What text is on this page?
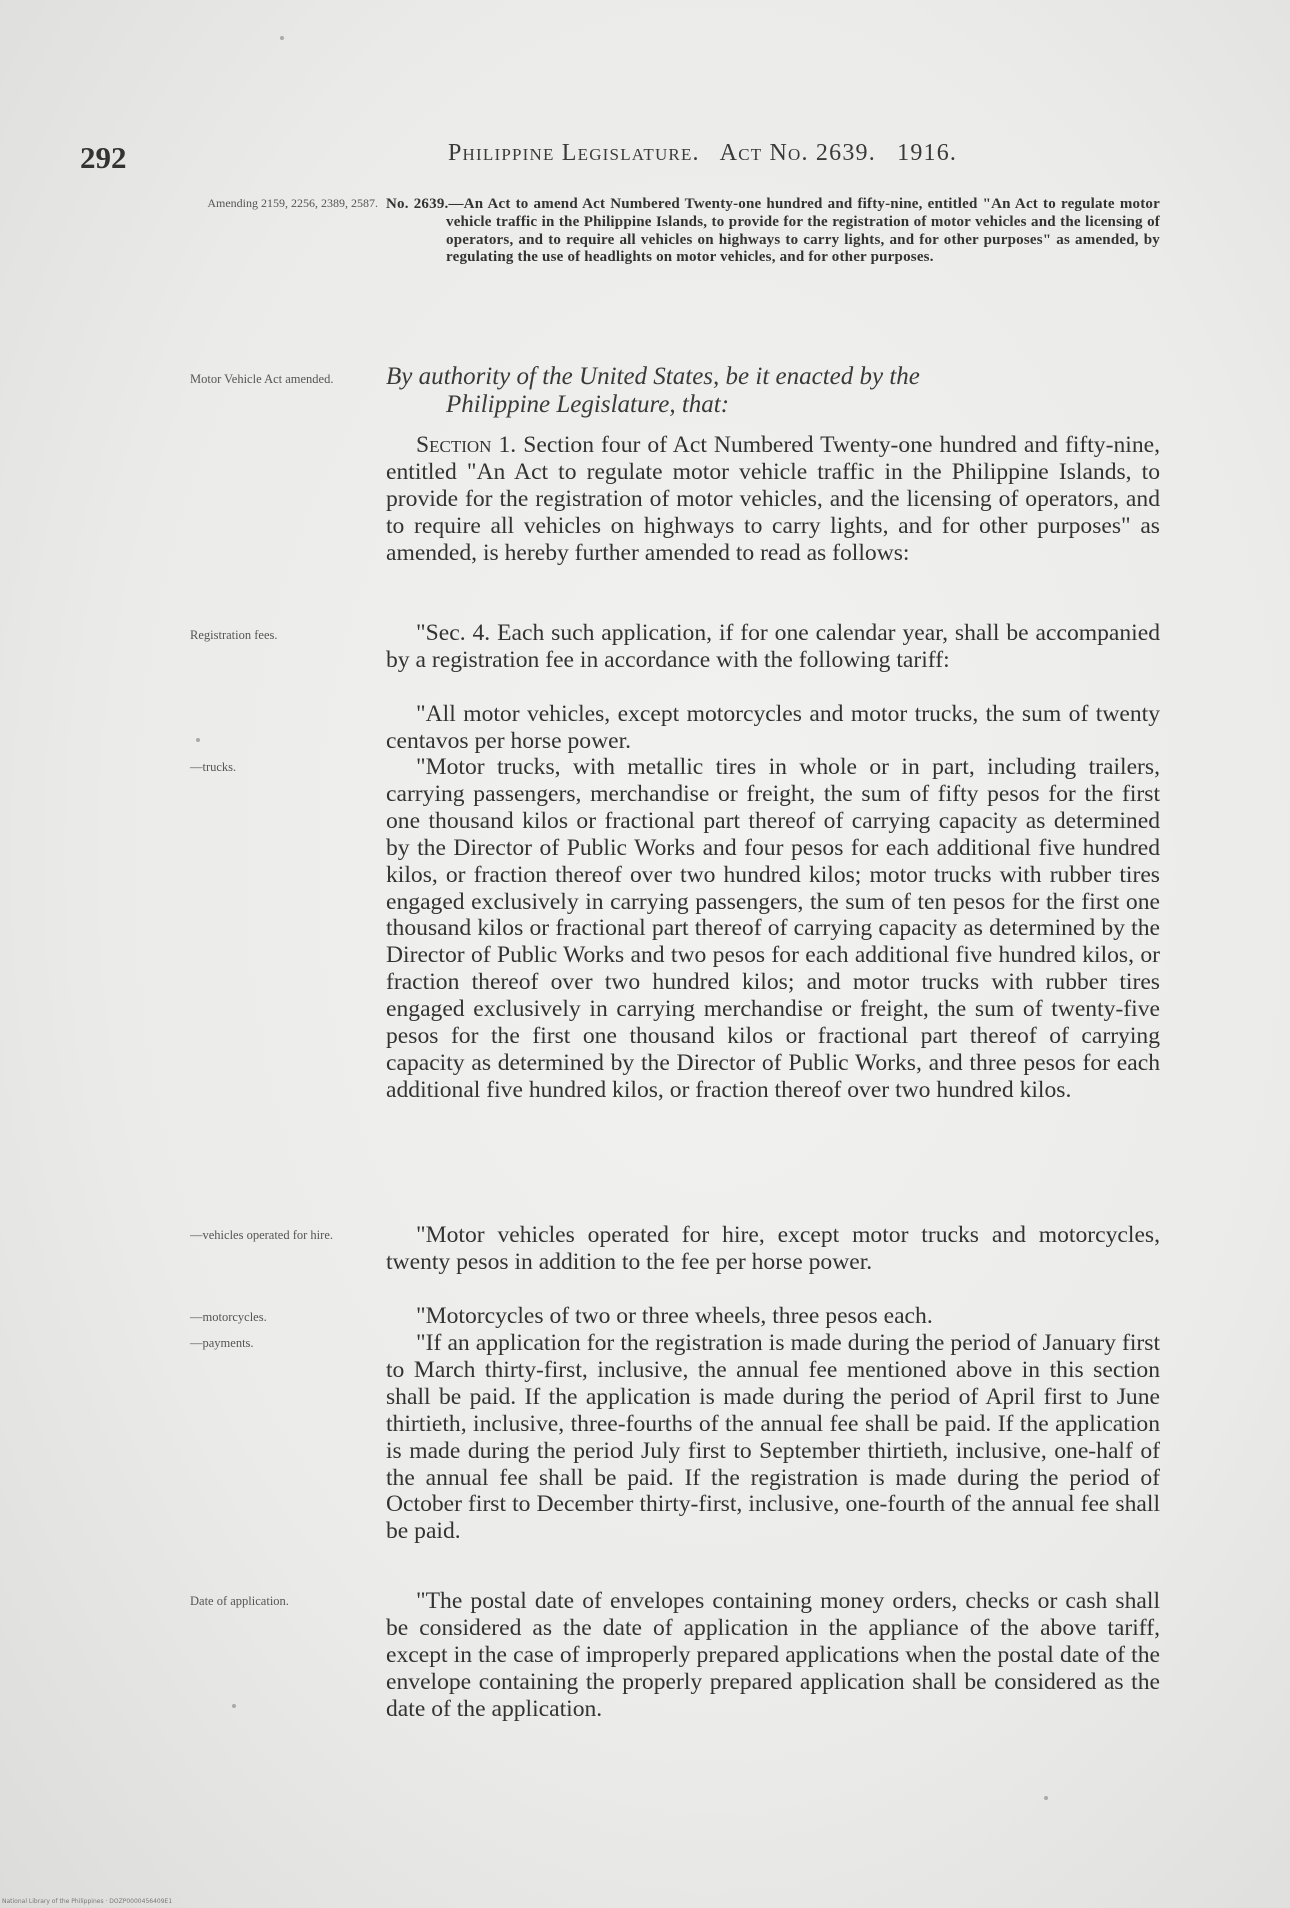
292	Philippine Legislature. Act No. 2639. 1916.
Amending 2159, 2256, 2389, 2587. No. 2639.—An Act to amend Act Numbered Twenty-one hundred and fifty-nine, entitled "An Act to regulate motor vehicle traffic in the Philippine Islands, to provide for the registration of motor vehicles and the licensing of operators, and to require all vehicles on highways to carry lights, and for other purposes" as amended, by regulating the use of headlights on motor vehicles, and for other purposes.
Motor Vehicle Act amended.	By authority of the United States, be it enacted by the
Philippine Legislature, that:

Section 1. Section four of Act Numbered Twenty-one hundred and fifty-nine, entitled "An Act to regulate motor vehicle traffic in the Philippine Islands, to provide for the registration of motor vehicles, and the licensing of operators, and to require all vehicles on highways to carry lights, and for other purposes" as amended, is hereby further amended to read as follows:

Registration fees.	"Sec. 4. Each such application, if for one calendar year, shall be accompanied by a registration fee in accordance with the following tariff:

"All motor vehicles, except motorcycles and motor trucks, the sum of twenty centavos per horse power.

—trucks.	"Motor trucks, with metallic tires in whole or in part, including trailers, carrying passengers, merchandise or freight, the sum of fifty pesos for the first one thousand kilos or fractional part thereof of carrying capacity as determined by the Director of Public Works and four pesos for each additional five hundred kilos, or fraction thereof over two hundred kilos; motor trucks with rubber tires engaged exclusively in carrying passengers, the sum of ten pesos for the first one thousand kilos or fractional part thereof of carrying capacity as determined by the Director of Public Works and two pesos for each additional five hundred kilos, or fraction thereof over two hundred kilos; and motor trucks with rubber tires engaged exclusively in carrying merchandise or freight, the sum of twenty-five pesos for the first one thousand kilos or fractional part thereof of carrying capacity as determined by the Director of Public Works, and three pesos for each additional five hundred kilos, or fraction thereof over two hundred kilos.

—vehicles operated for hire.	"Motor vehicles operated for hire, except motor trucks and motorcycles, twenty pesos in addition to the fee per horse power.

—motorcycles.	"Motorcycles of two or three wheels, three pesos each.

—payments.	"If an application for the registration is made during the period of January first to March thirty-first, inclusive, the annual fee mentioned above in this section shall be paid. If the application is made during the period of April first to June thirtieth, inclusive, three-fourths of the annual fee shall be paid. If the application is made during the period July first to September thirtieth, inclusive, one-half of the annual fee shall be paid. If the registration is made during the period of October first to December thirty-first, inclusive, one-fourth of the annual fee shall be paid.

Date of application.	"The postal date of envelopes containing money orders, checks or cash shall be considered as the date of application in the appliance of the above tariff, except in the case of improperly prepared applications when the postal date of the envelope containing the properly prepared application shall be considered as the date of the application.

National Library of the Philippines · DOZP0000456409E1
